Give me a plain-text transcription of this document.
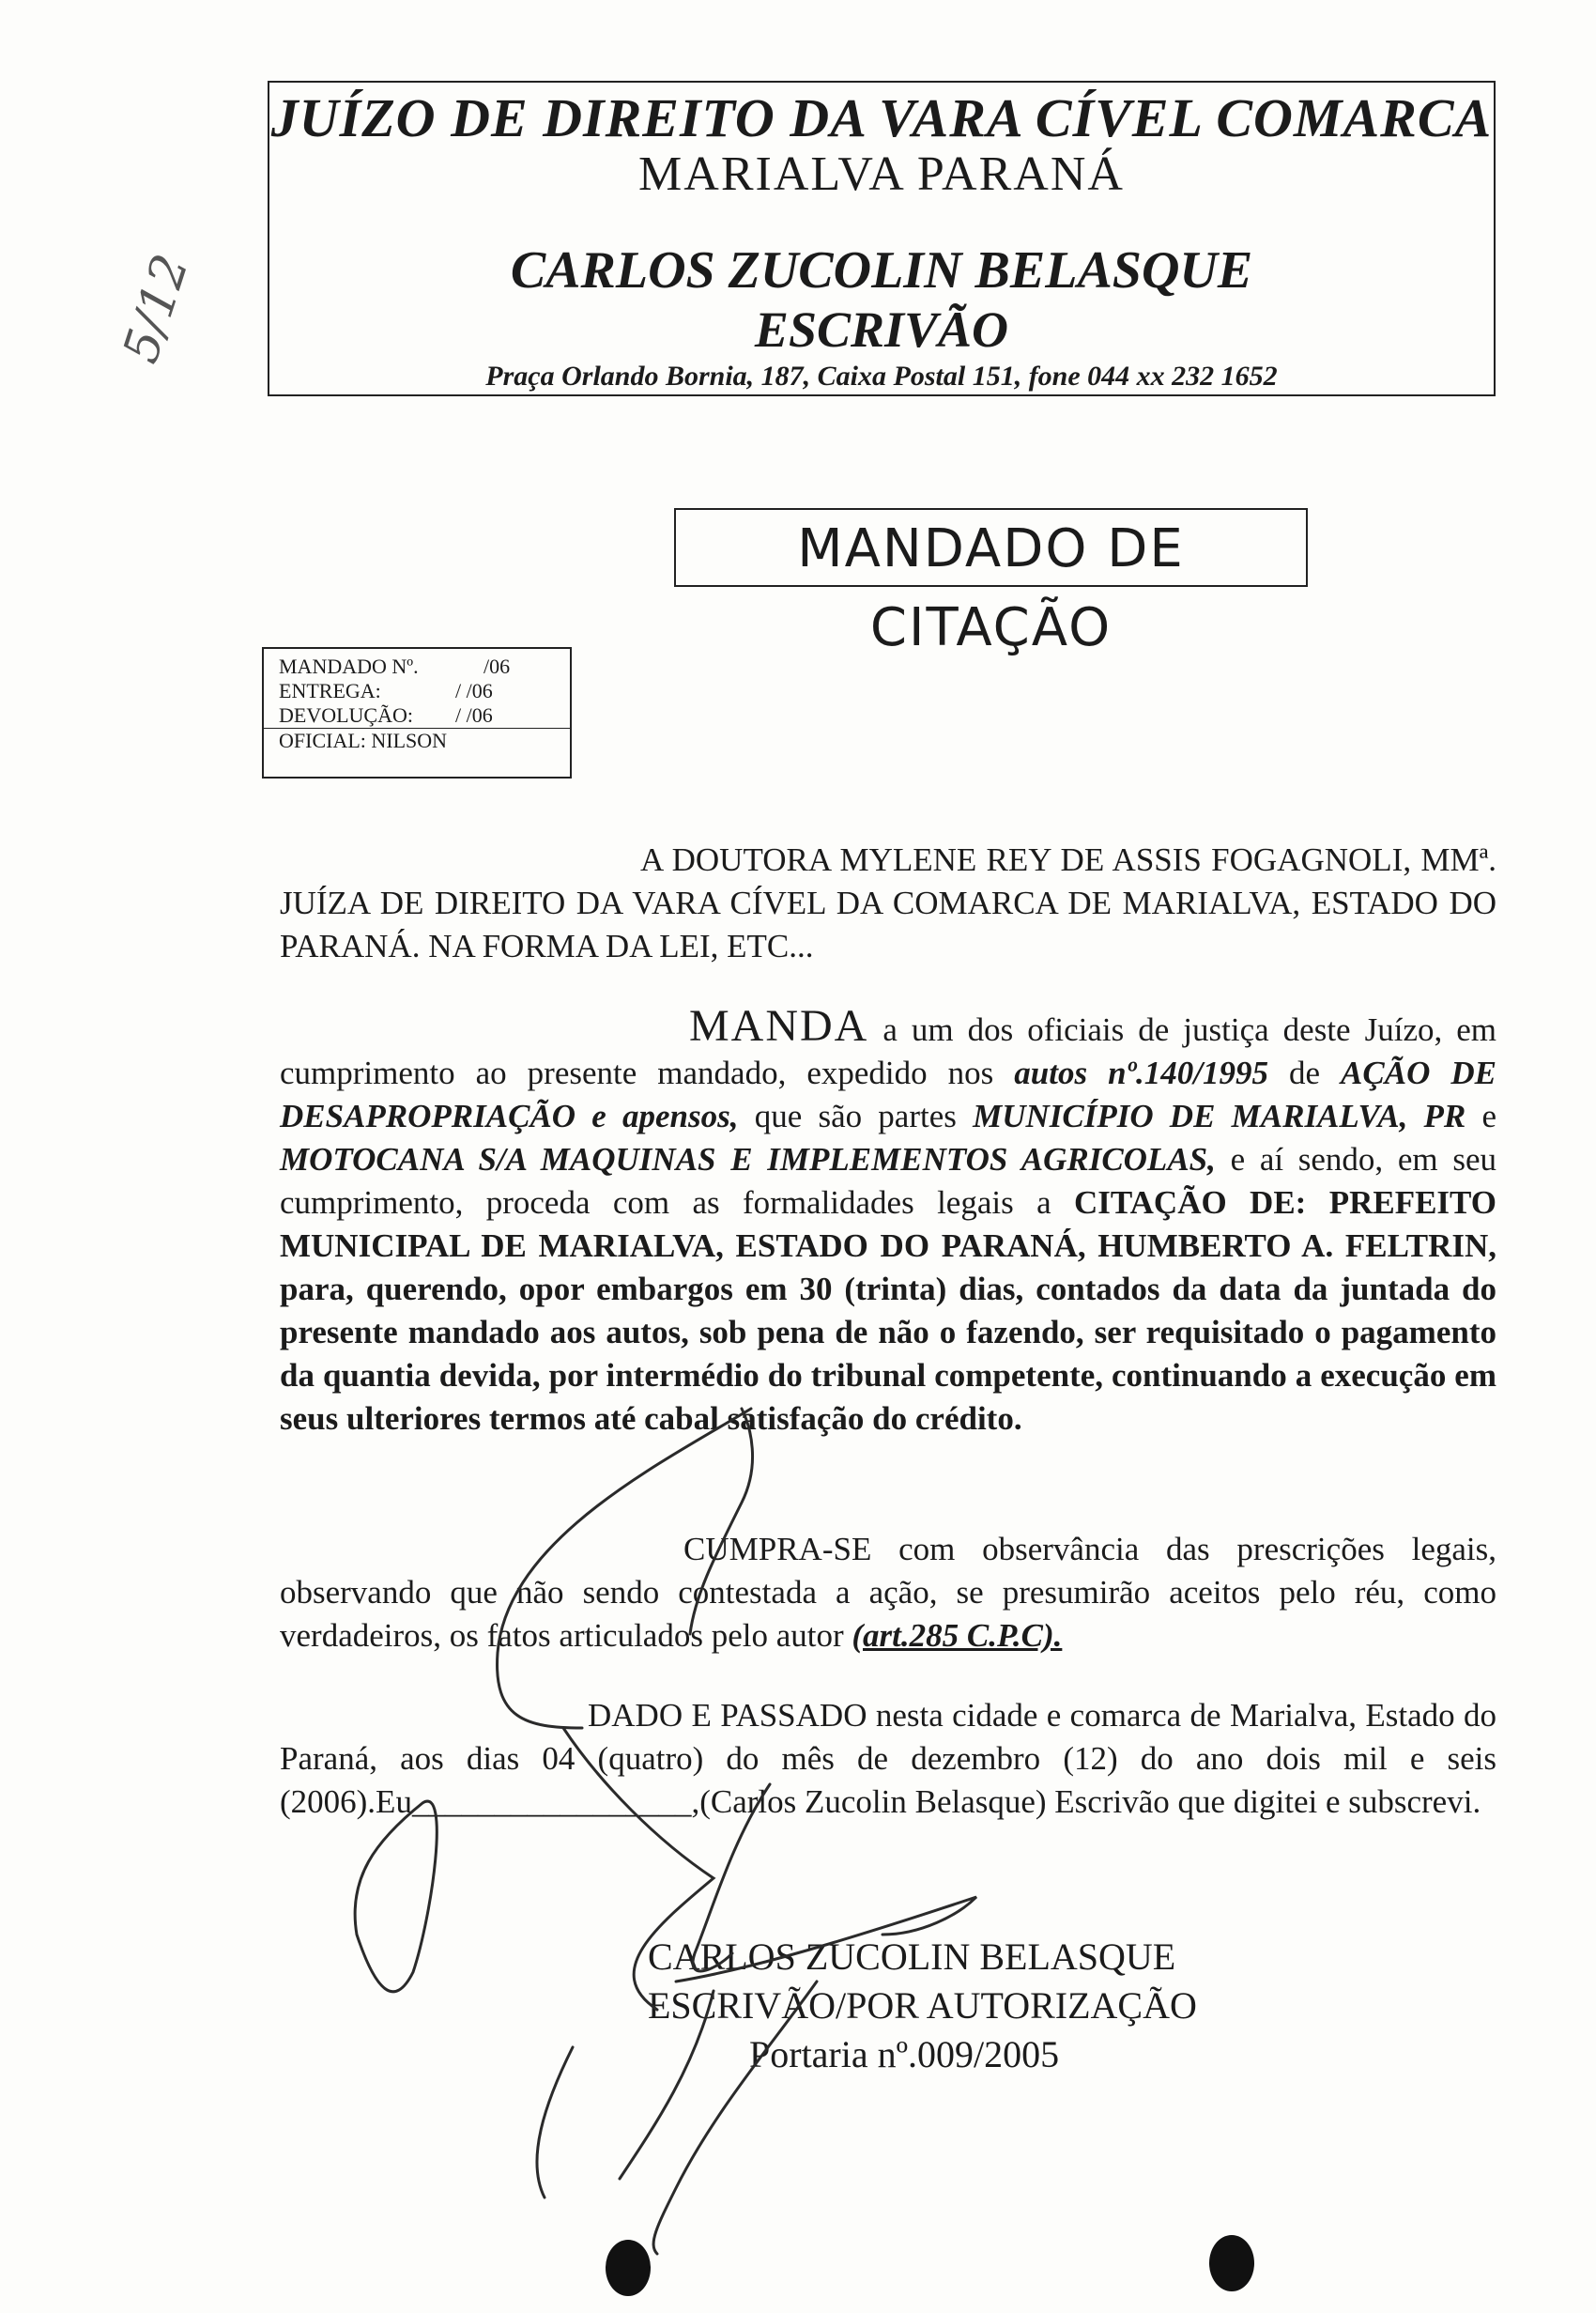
JUÍZO DE DIREITO DA VARA CÍVEL COMARCA
MARIALVA PARANÁ
CARLOS ZUCOLIN BELASQUE
ESCRIVÃO
Praça Orlando Bornia, 187, Caixa Postal 151, fone 044 xx 232 1652
5/12
MANDADO DE CITAÇÃO
MANDADO Nº.	/06
ENTREGA:	/ /06
DEVOLUÇÃO: / /06
OFICIAL: NILSON
A DOUTORA MYLENE REY DE ASSIS FOGAGNOLI, MMª. JUÍZA DE DIREITO DA VARA CÍVEL DA COMARCA DE MARIALVA, ESTADO DO PARANÁ. NA FORMA DA LEI, ETC...
MANDA a um dos oficiais de justiça deste Juízo, em cumprimento ao presente mandado, expedido nos autos nº.140/1995 de AÇÃO DE DESAPROPRIAÇÃO e apensos, que são partes MUNICÍPIO DE MARIALVA, PR e MOTOCANA S/A MAQUINAS E IMPLEMENTOS AGRICOLAS, e aí sendo, em seu cumprimento, proceda com as formalidades legais a CITAÇÃO DE: PREFEITO MUNICIPAL DE MARIALVA, ESTADO DO PARANÁ, HUMBERTO A. FELTRIN, para, querendo, opor embargos em 30 (trinta) dias, contados da data da juntada do presente mandado aos autos, sob pena de não o fazendo, ser requisitado o pagamento da quantia devida, por intermédio do tribunal competente, continuando a execução em seus ulteriores termos até cabal satisfação do crédito.
CUMPRA-SE com observância das prescrições legais, observando que não sendo contestada a ação, se presumirão aceitos pelo réu, como verdadeiros, os fatos articulados pelo autor (art.285 C.P.C).
DADO E PASSADO nesta cidade e comarca de Marialva, Estado do Paraná, aos dias 04 (quatro) do mês de dezembro (12) do ano dois mil e seis (2006).Eu_________________,(Carlos Zucolin Belasque) Escrivão que digitei e subscrevi.
CARLOS ZUCOLIN BELASQUE
ESCRIVÃO/POR AUTORIZAÇÃO
Portaria nº.009/2005
